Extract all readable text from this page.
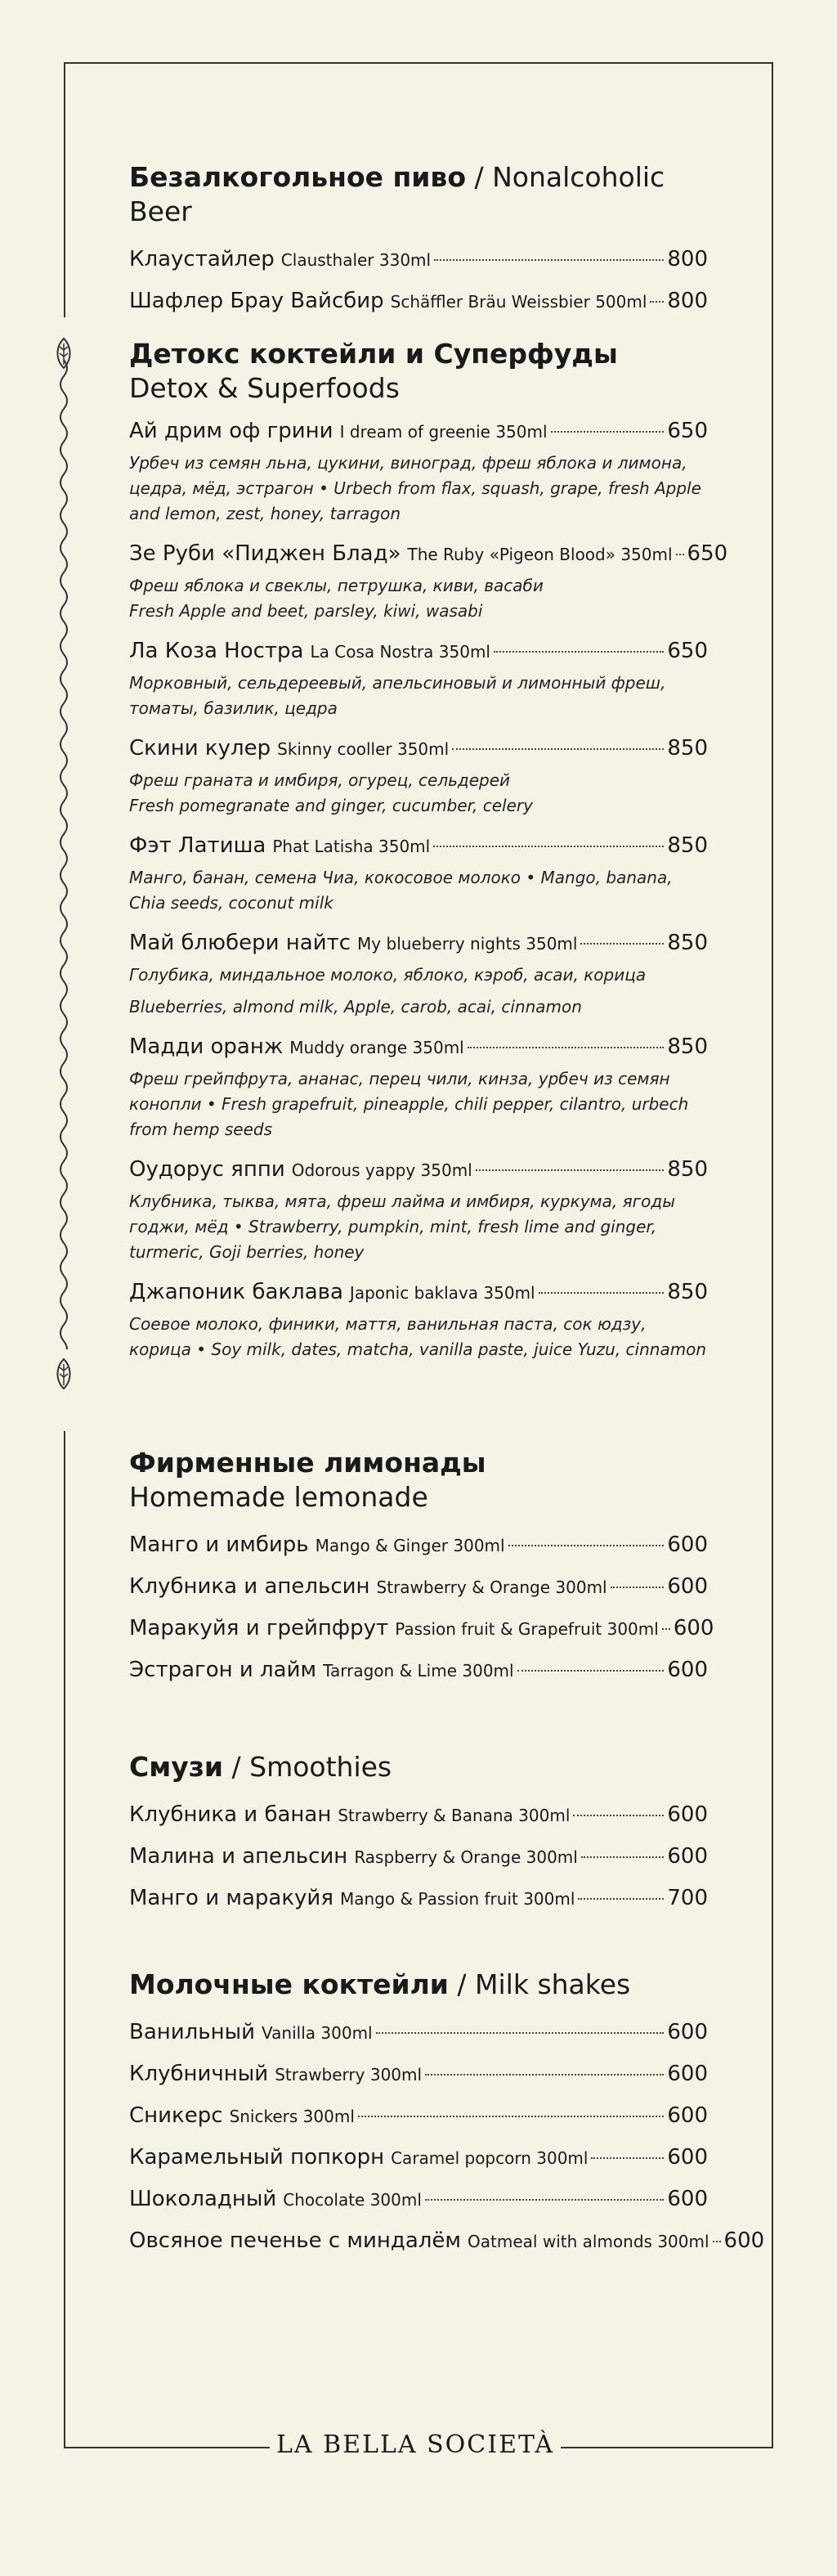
Безалкогольное пиво / Nonalcoholic Beer
Клаустайлер Clausthaler 330ml	800
Шафлер Брау Вайсбир Schäffler Bräu Weissbier 500ml 800
Детокс коктейли и Суперфуды
Detox & Superfoods
Ай дрим оф грини I dream of greenie 350ml	650
Урбеч из семян льна, цукини, виноград, фреш яблока и лимона, цедра, мёд, эстрагон • Urbech from flax, squash, grape, fresh Apple and lemon, zest, honey, tarragon
Зе Руби «Пиджен Блад» The Ruby «Pigeon Blood» 350ml 650
Фреш яблока и свеклы, петрушка, киви, васаби
Fresh Apple and beet, parsley, kiwi, wasabi
Ла Коза Ностра La Cosa Nostra 350ml	650
Морковный, сельдереевый, апельсиновый и лимонный фреш, томаты, базилик, цедра
Скини кулер Skinny cooller 350ml	850
Фреш граната и имбиря, огурец, сельдерей
Fresh pomegranate and ginger, cucumber, celery
Фэт Латиша Phat Latisha 350ml	850
Манго, банан, семена Чиа, кокосовое молоко • Mango, banana, Chia seeds, coconut milk
Май блюбери найтс My blueberry nights 350ml	850
Голубика, миндальное молоко, яблоко, кэроб, асаи, корица
Blueberries, almond milk, Apple, carob, acai, cinnamon
Мадди оранж Muddy orange 350ml	850
Фреш грейпфрута, ананас, перец чили, кинза, урбеч из семян конопли • Fresh grapefruit, pineapple, chili pepper, cilantro, urbech from hemp seeds
Оудорус яппи Odorous yappy 350ml	850
Клубника, тыква, мята, фреш лайма и имбиря, куркума, ягоды годжи, мёд • Strawberry, pumpkin, mint, fresh lime and ginger, turmeric, Goji berries, honey
Джапоник баклава Japonic baklava 350ml	850
Соевое молоко, финики, маття, ванильная паста, сок юдзу, корица • Soy milk, dates, matcha, vanilla paste, juice Yuzu, cinnamon
Фирменные лимонады
Homemade lemonade
Манго и имбирь Mango & Ginger 300ml	600
Клубника и апельсин Strawberry & Orange 300ml	600
Маракуйя и грейпфрут Passion fruit & Grapefruit 300ml 600
Эстрагон и лайм Tarragon & Lime 300ml	600
Смузи / Smoothies
Клубника и банан Strawberry & Banana 300ml	600
Малина и апельсин Raspberry & Orange 300ml	600
Манго и маракуйя Mango & Passion fruit 300ml	700
Молочные коктейли / Milk shakes
Ванильный Vanilla 300ml	600
Клубничный Strawberry 300ml	600
Сникерс Snickers 300ml	600
Карамельный попкорн Caramel popcorn 300ml	600
Шоколадный Chocolate 300ml	600
Овсяное печенье с миндалём Oatmeal with almonds 300ml 600
LA BELLA SOCIETÀ
